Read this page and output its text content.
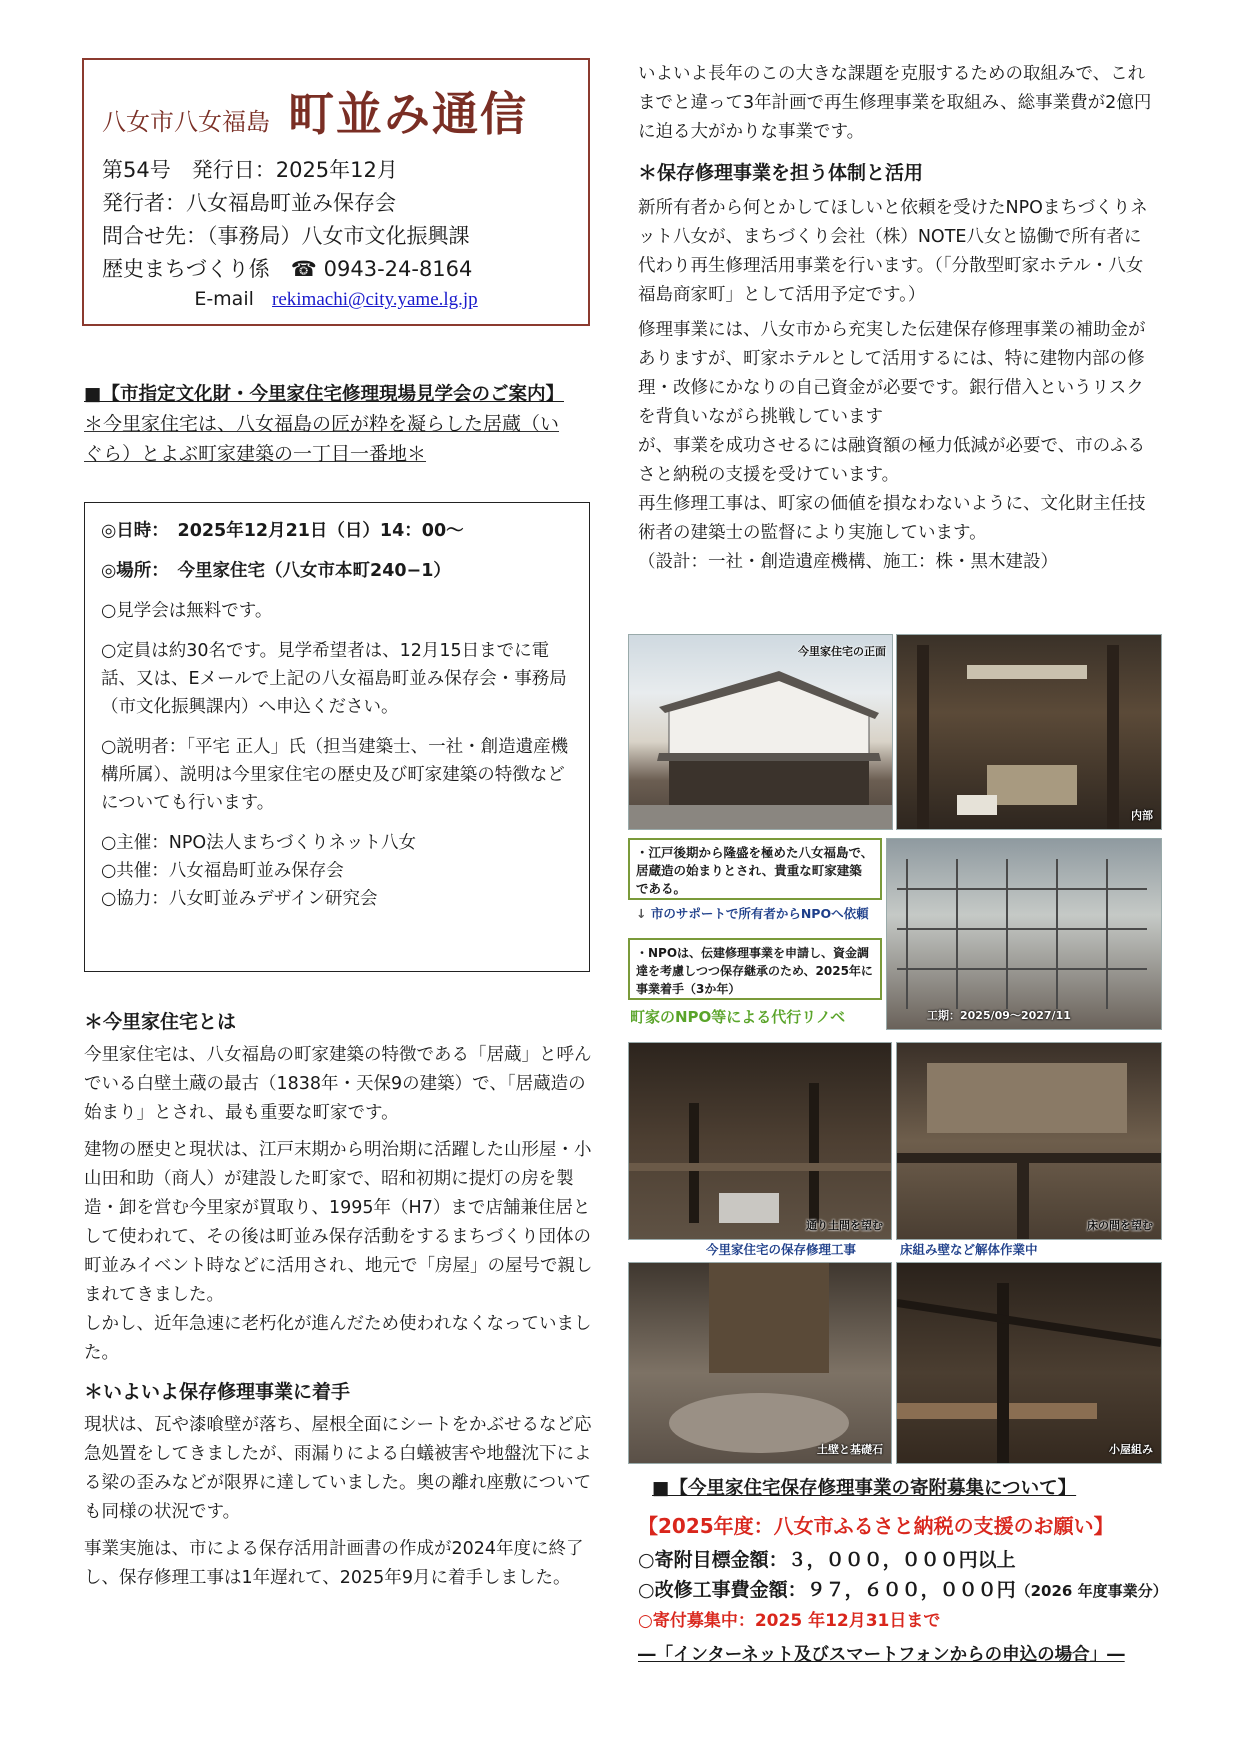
八女市八女福島 町並み通信
第54号　発行日：2025年12月
発行者：八女福島町並み保存会
問合せ先：（事務局）八女市文化振興課
歴史まちづくり係　☎ 0943-24-8164
E-mail rekimachi@city.yame.lg.jp
■【市指定文化財・今里家住宅修理現場見学会のご案内】
＊今里家住宅は、八女福島の匠が粋を凝らした居蔵（い
ぐら）とよぶ町家建築の一丁目一番地＊

◎日時：　2025年12月21日（日）14：00～

◎場所：　今里家住宅（八女市本町240−1）

○見学会は無料です。

○定員は約30名です。見学希望者は、12月15日までに電話、又は、Eメールで上記の八女福島町並み保存会・事務局（市文化振興課内）へ申込ください。

○説明者：「平宅 正人」氏（担当建築士、一社・創造遺産機構所属）、説明は今里家住宅の歴史及び町家建築の特徴などについても行います。

○主催：NPO法人まちづくりネット八女

○共催：八女福島町並み保存会

○協力：八女町並みデザイン研究会

＊今里家住宅とは

今里家住宅は、八女福島の町家建築の特徴である「居蔵」と呼んでいる白壁土蔵の最古（1838年・天保9の建築）で、「居蔵造の始まり」とされ、最も重要な町家です。

建物の歴史と現状は、江戸末期から明治期に活躍した山形屋・小山田和助（商人）が建設した町家で、昭和初期に提灯の房を製造・卸を営む今里家が買取り、1995年（H7）まで店舗兼住居として使われて、その後は町並み保存活動をするまちづくり団体の町並みイベント時などに活用され、地元で「房屋」の屋号で親しまれてきました。

しかし、近年急速に老朽化が進んだため使われなくなっていました。

＊いよいよ保存修理事業に着手

現状は、瓦や漆喰壁が落ち、屋根全面にシートをかぶせるなど応急処置をしてきましたが、雨漏りによる白蟻被害や地盤沈下による梁の歪みなどが限界に達していました。奥の離れ座敷についても同様の状況です。

事業実施は、市による保存活用計画書の作成が2024年度に終了し、保存修理工事は1年遅れて、2025年9月に着手しました。

いよいよ長年のこの大きな課題を克服するための取組みで、これまでと違って3年計画で再生修理事業を取組み、総事業費が2億円に迫る大がかりな事業です。

＊保存修理事業を担う体制と活用

新所有者から何とかしてほしいと依頼を受けたNPOまちづくりネット八女が、まちづくり会社（株）NOTE八女と協働で所有者に代わり再生修理活用事業を行います。（「分散型町家ホテル・八女福島商家町」として活用予定です。）

修理事業には、八女市から充実した伝建保存修理事業の補助金がありますが、町家ホテルとして活用するには、特に建物内部の修理・改修にかなりの自己資金が必要です。銀行借入というリスクを背負いながら挑戦しています

が、事業を成功させるには融資額の極力低減が必要で、市のふるさと納税の支援を受けています。

再生修理工事は、町家の価値を損なわないように、文化財主任技術者の建築士の監督により実施しています。

（設計：一社・創造遺産機構、施工：株・黒木建設）

今里家住宅の正面
内部
・江戸後期から隆盛を極めた八女福島で、居蔵造の始まりとされ、貴重な町家建築である。
↓ 市のサポートで所有者からNPOへ依頼
・NPOは、伝建修理事業を申請し、資金調達を考慮しつつ保存継承のため、2025年に事業着手（3か年）
町家のNPO等による代行リノベ	工期：2025/09～2027/11
通り土間を望む	床の間を望む
今里家住宅の保存修理工事	床組み壁など解体作業中
土壁と基礎石	小屋組み
■【今里家住宅保存修理事業の寄附募集について】
【2025年度：八女市ふるさと納税の支援のお願い】
○寄附目標金額：３，０００，０００円以上
○改修工事費金額：９７，６００，０００円（2026 年度事業分）
○寄付募集中：2025 年12月31日まで
―「インターネット及びスマートフォンからの申込の場合」―
